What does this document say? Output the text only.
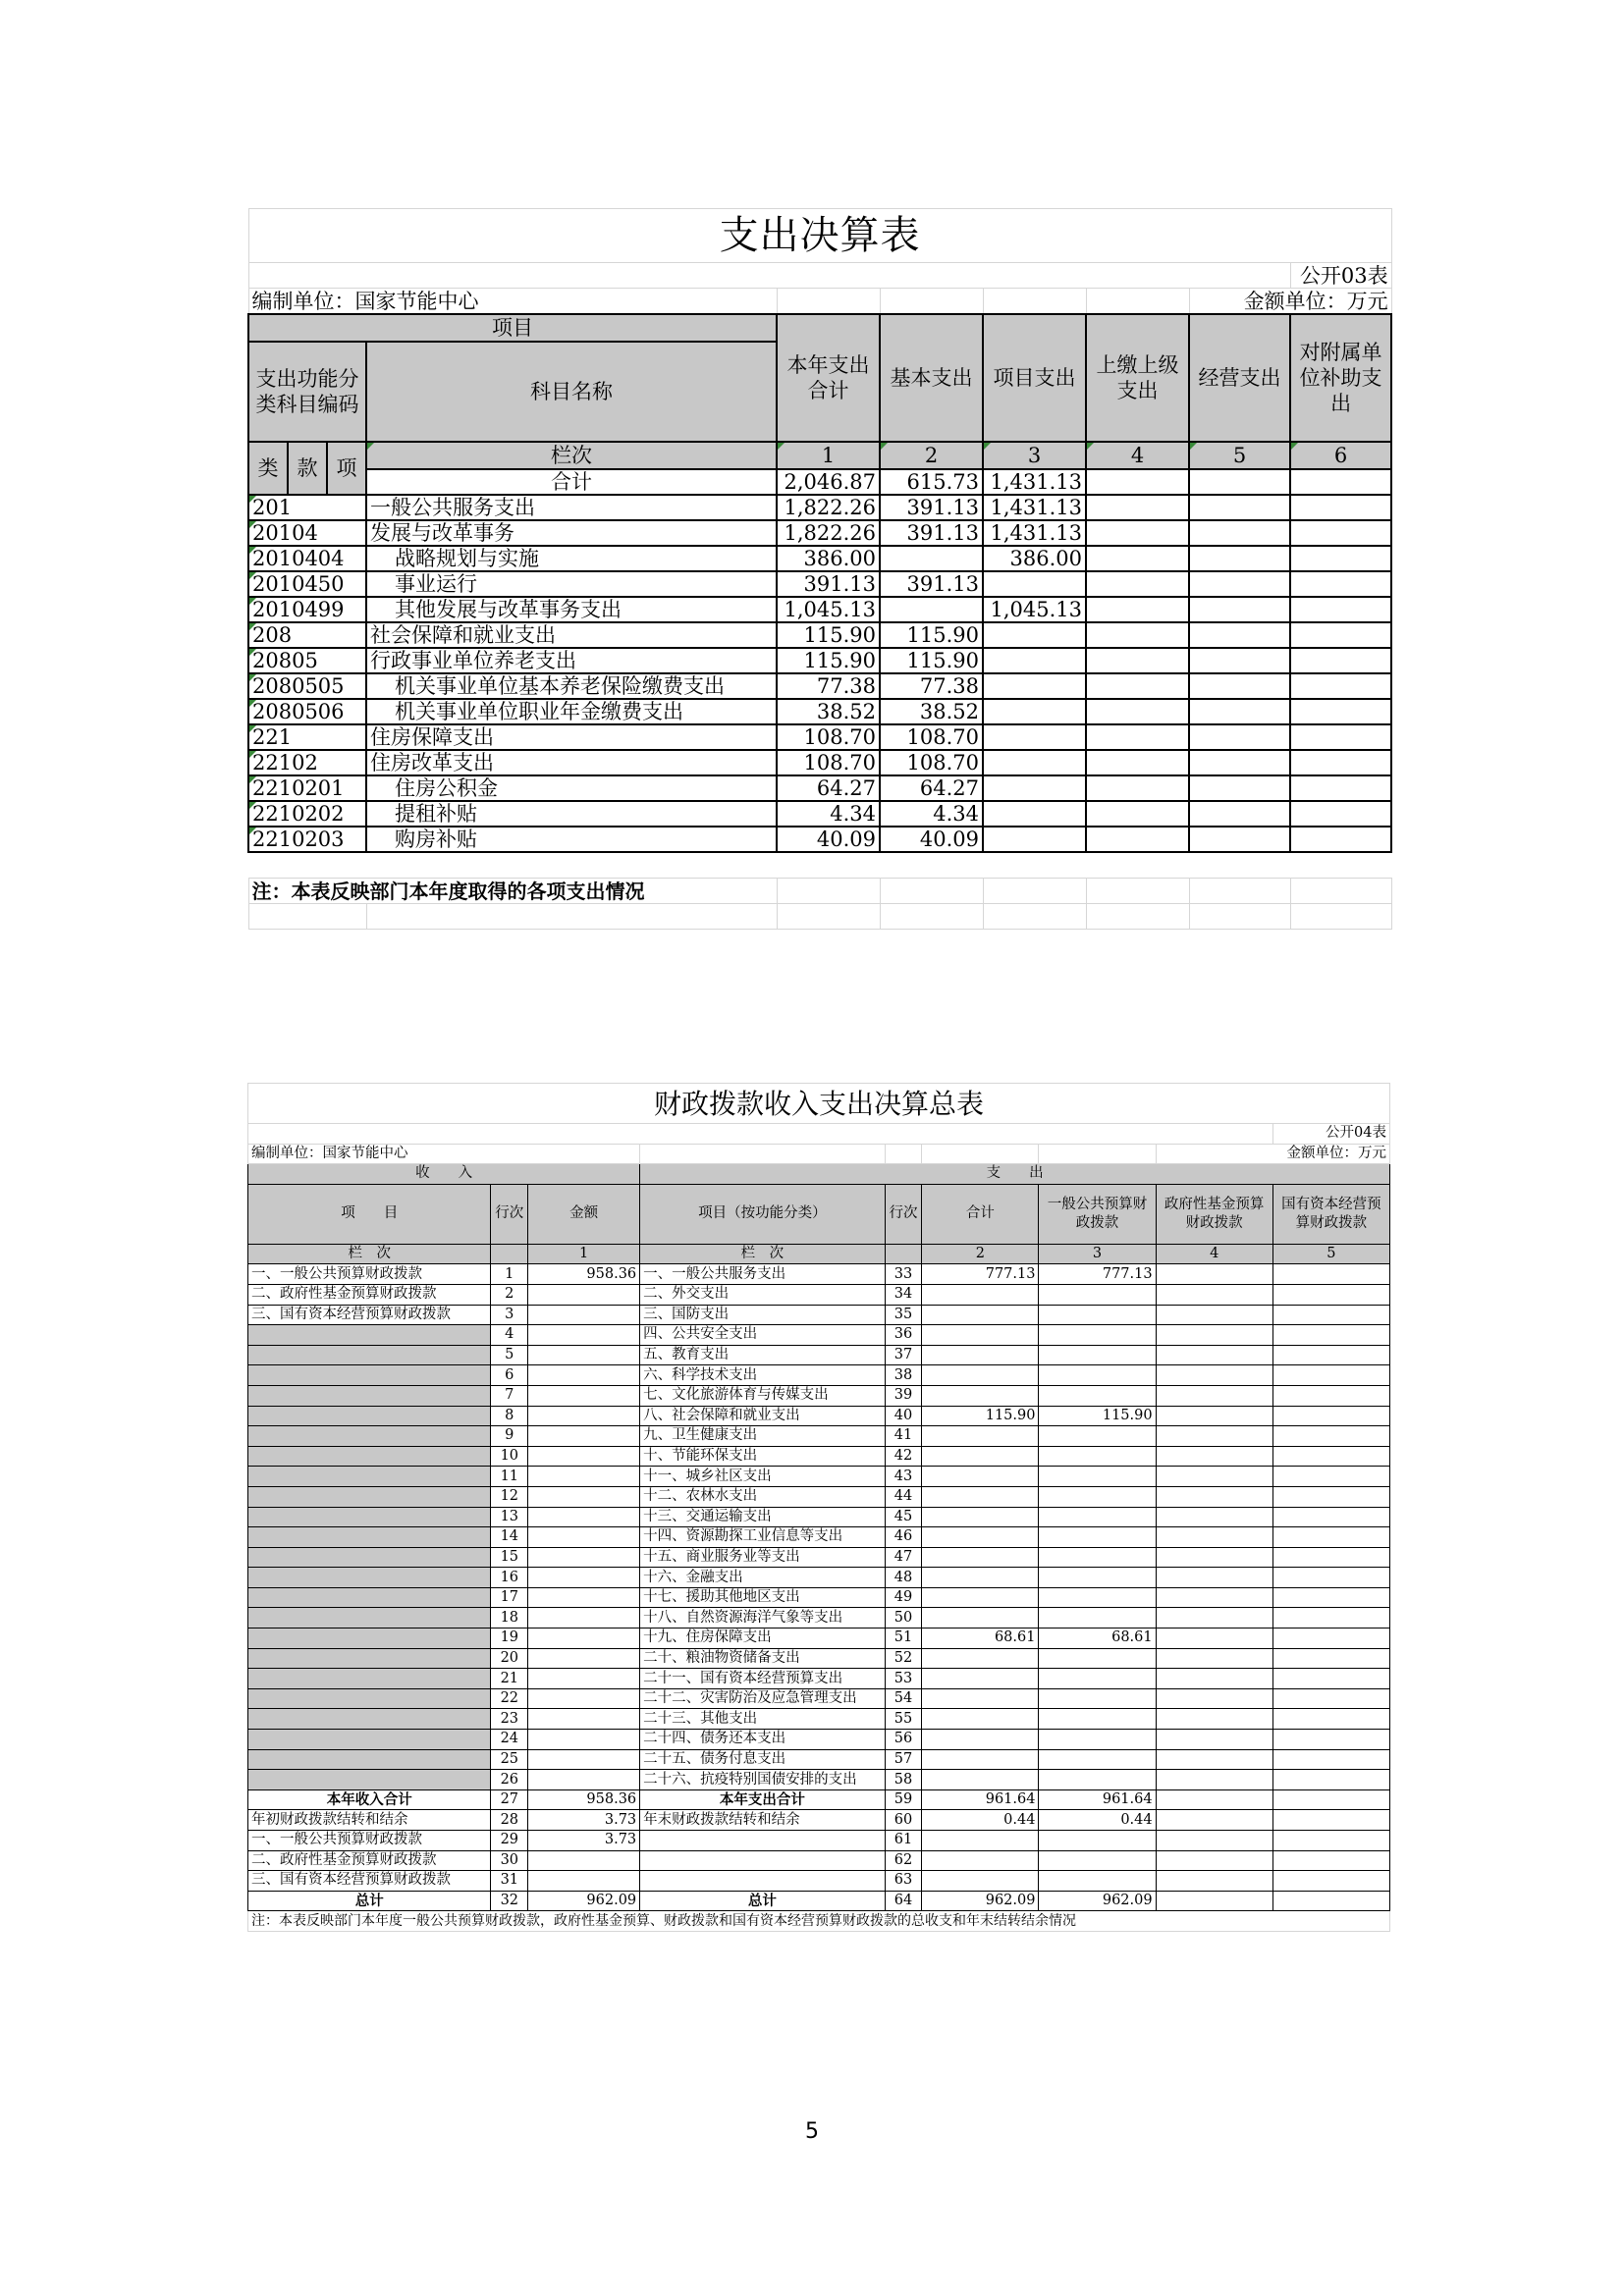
支出决算表									
									公开03表
编制单位：国家节能中心								金额单位：万元	
项目				本年支出合计	基本支出	项目支出	上缴上级支出	经营支出	对附属单位补助支出
支出功能分类科目编码			科目名称						
类	款	项	栏次	1	2	3	4	5	6
			合计	2,046.87	615.73	1,431.13			
201			一般公共服务支出	1,822.26	391.13	1,431.13			
20104			发展与改革事务	1,822.26	391.13	1,431.13			
2010404			战略规划与实施	386.00		386.00			
2010450			事业运行	391.13	391.13				
2010499			其他发展与改革事务支出	1,045.13		1,045.13			
208			社会保障和就业支出	115.90	115.90				
20805			行政事业单位养老支出	115.90	115.90				
2080505			机关事业单位基本养老保险缴费支出	77.38	77.38				
2080506			机关事业单位职业年金缴费支出	38.52	38.52				
221			住房保障支出	108.70	108.70				
22102			住房改革支出	108.70	108.70				
2210201			住房公积金	64.27	64.27				
2210202			提租补贴	4.34	4.34				
2210203			购房补贴	40.09	40.09				

注：本表反映部门本年度取得的各项支出情况									

财政拨款收入支出决算总表								
								公开04表
编制单位：国家节能中心							金额单位：万元	
收　　入			支　　出					
项　　目	行次	金额	项目（按功能分类）	行次	合计	一般公共预算财政拨款	政府性基金预算财政拨款	国有资本经营预算财政拨款
栏　次		1	栏　次		2	3	4	5
一、一般公共预算财政拨款	1	958.36	一、一般公共服务支出	33	777.13	777.13		
二、政府性基金预算财政拨款	2		二、外交支出	34				
三、国有资本经营预算财政拨款	3		三、国防支出	35				
	4		四、公共安全支出	36				
	5		五、教育支出	37				
	6		六、科学技术支出	38				
	7		七、文化旅游体育与传媒支出	39				
	8		八、社会保障和就业支出	40	115.90	115.90		
	9		九、卫生健康支出	41				
	10		十、节能环保支出	42				
	11		十一、城乡社区支出	43				
	12		十二、农林水支出	44				
	13		十三、交通运输支出	45				
	14		十四、资源勘探工业信息等支出	46				
	15		十五、商业服务业等支出	47				
	16		十六、金融支出	48				
	17		十七、援助其他地区支出	49				
	18		十八、自然资源海洋气象等支出	50				
	19		十九、住房保障支出	51	68.61	68.61		
	20		二十、粮油物资储备支出	52				
	21		二十一、国有资本经营预算支出	53				
	22		二十二、灾害防治及应急管理支出	54				
	23		二十三、其他支出	55				
	24		二十四、债务还本支出	56				
	25		二十五、债务付息支出	57				
	26		二十六、抗疫特别国债安排的支出	58				
本年收入合计	27	958.36	本年支出合计	59	961.64	961.64		
年初财政拨款结转和结余	28	3.73	年末财政拨款结转和结余	60	0.44	0.44		
一、一般公共预算财政拨款	29	3.73		61				
二、政府性基金预算财政拨款	30			62				
三、国有资本经营预算财政拨款	31			63				
总计	32	962.09	总计	64	962.09	962.09		
注：本表反映部门本年度一般公共预算财政拨款，政府性基金预算、财政拨款和国有资本经营预算财政拨款的总收支和年末结转结余情况								
5
